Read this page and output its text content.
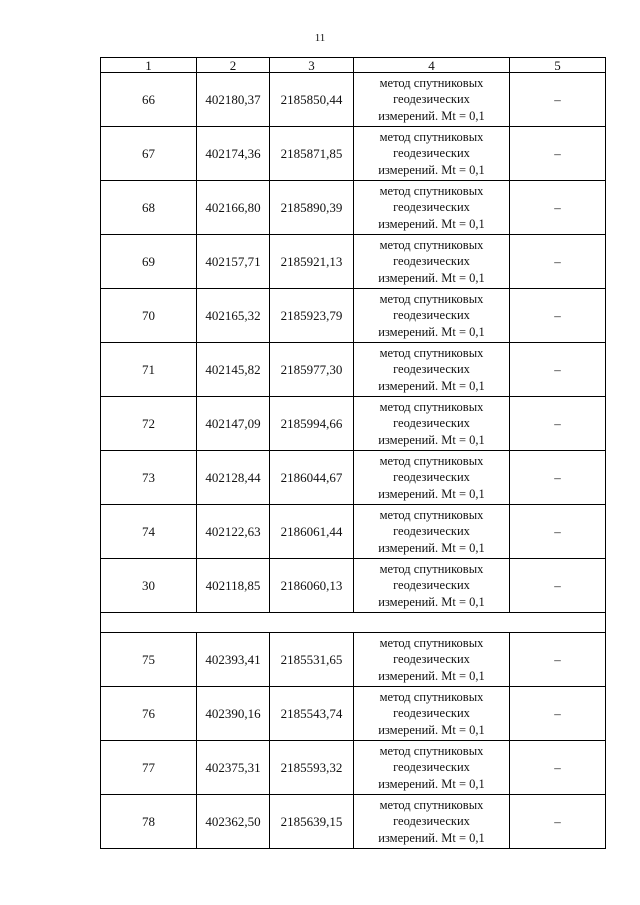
11
1	2	3	4	5
66	402180,37	2185850,44	метод спутниковых
геодезических
измерений. Mt = 0,1	–
67	402174,36	2185871,85	метод спутниковых
геодезических
измерений. Mt = 0,1	–
68	402166,80	2185890,39	метод спутниковых
геодезических
измерений. Mt = 0,1	–
69	402157,71	2185921,13	метод спутниковых
геодезических
измерений. Mt = 0,1	–
70	402165,32	2185923,79	метод спутниковых
геодезических
измерений. Mt = 0,1	–
71	402145,82	2185977,30	метод спутниковых
геодезических
измерений. Mt = 0,1	–
72	402147,09	2185994,66	метод спутниковых
геодезических
измерений. Mt = 0,1	–
73	402128,44	2186044,67	метод спутниковых
геодезических
измерений. Mt = 0,1	–
74	402122,63	2186061,44	метод спутниковых
геодезических
измерений. Mt = 0,1	–
30	402118,85	2186060,13	метод спутниковых
геодезических
измерений. Mt = 0,1	–

75	402393,41	2185531,65	метод спутниковых
геодезических
измерений. Mt = 0,1	–
76	402390,16	2185543,74	метод спутниковых
геодезических
измерений. Mt = 0,1	–
77	402375,31	2185593,32	метод спутниковых
геодезических
измерений. Mt = 0,1	–
78	402362,50	2185639,15	метод спутниковых
геодезических
измерений. Mt = 0,1	–
